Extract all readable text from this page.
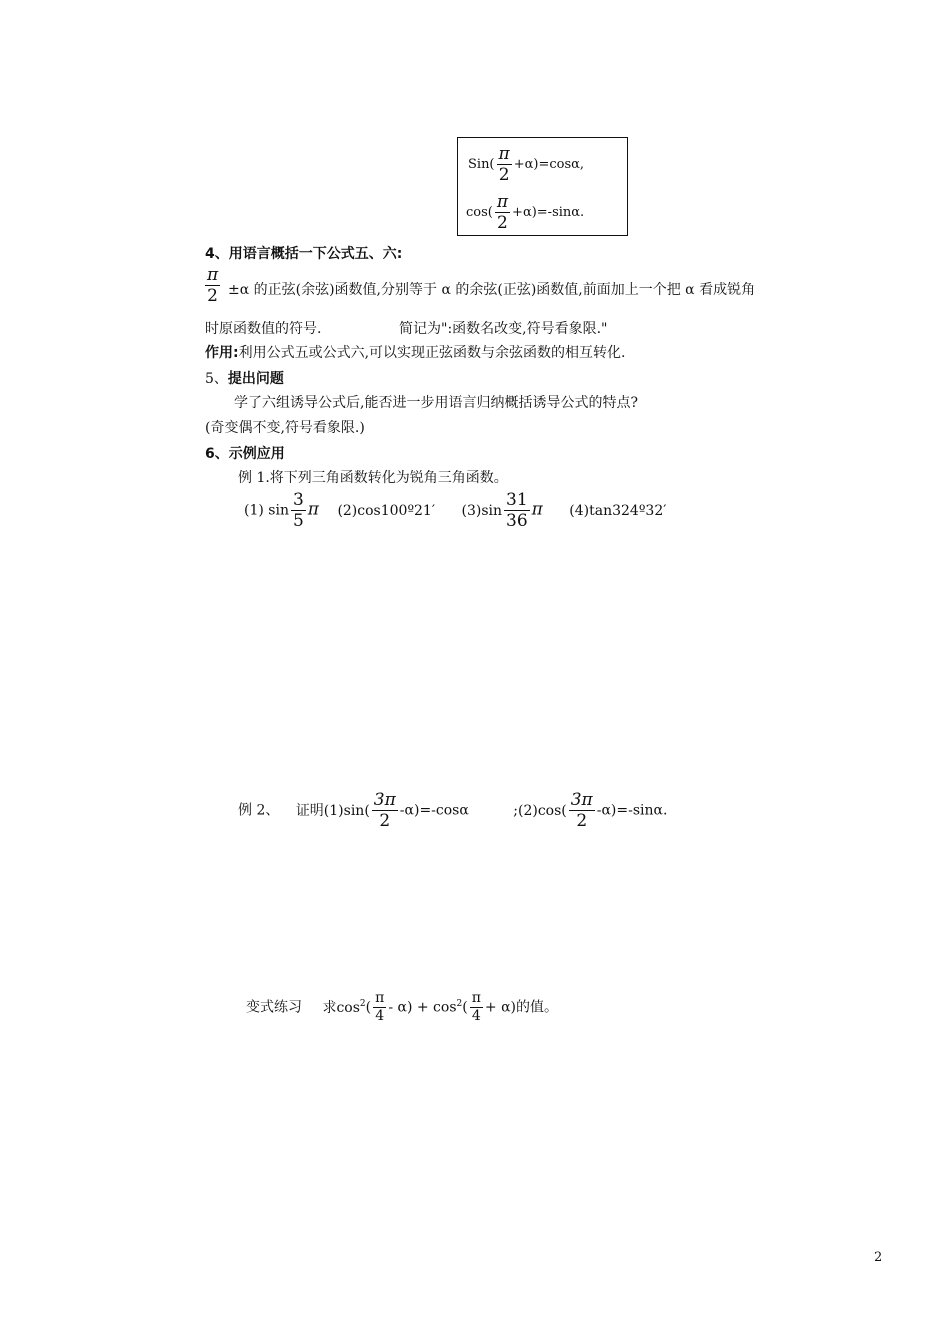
$Sin( \frac{\pi}{2} +\alpha)=\cos\alpha$,
$\cos( \frac{\pi}{2} +\alpha)=-\sin\alpha$.
4、用语言概括一下公式五、六:
$\frac{\pi}{2} \pm\alpha$ 的正弦(余弦)函数值,分别等于 α 的余弦(正弦)函数值,前面加上一个把 α 看成锐角
时原函数值的符号.	简记为":函数名改变,符号看象限."
作用:利用公式五或公式六,可以实现正弦函数与余弦函数的相互转化.
5、提出问题
学了六组诱导公式后,能否进一步用语言归纳概括诱导公式的特点?
(奇变偶不变,符号看象限.)
6、示例应用
例 1.将下列三角函数转化为锐角三角函数。
(1) $\sin \frac{3}{5}$ π (2)cos100º21′ $(3)\sin \frac{31}{36}$ π (4)tan324º32′
例 2、 证明$(1)\sin( \frac{3\pi}{2} -\alpha)=-\cos\alpha$	;(2)cos( $\frac{3\pi}{2} -\alpha)=-\sin\alpha$.
变式练习 求$\cos^2( \frac{\pi}{4} - \alpha) + \cos^2( \frac{\pi}{4} + \alpha)$的值。
2
